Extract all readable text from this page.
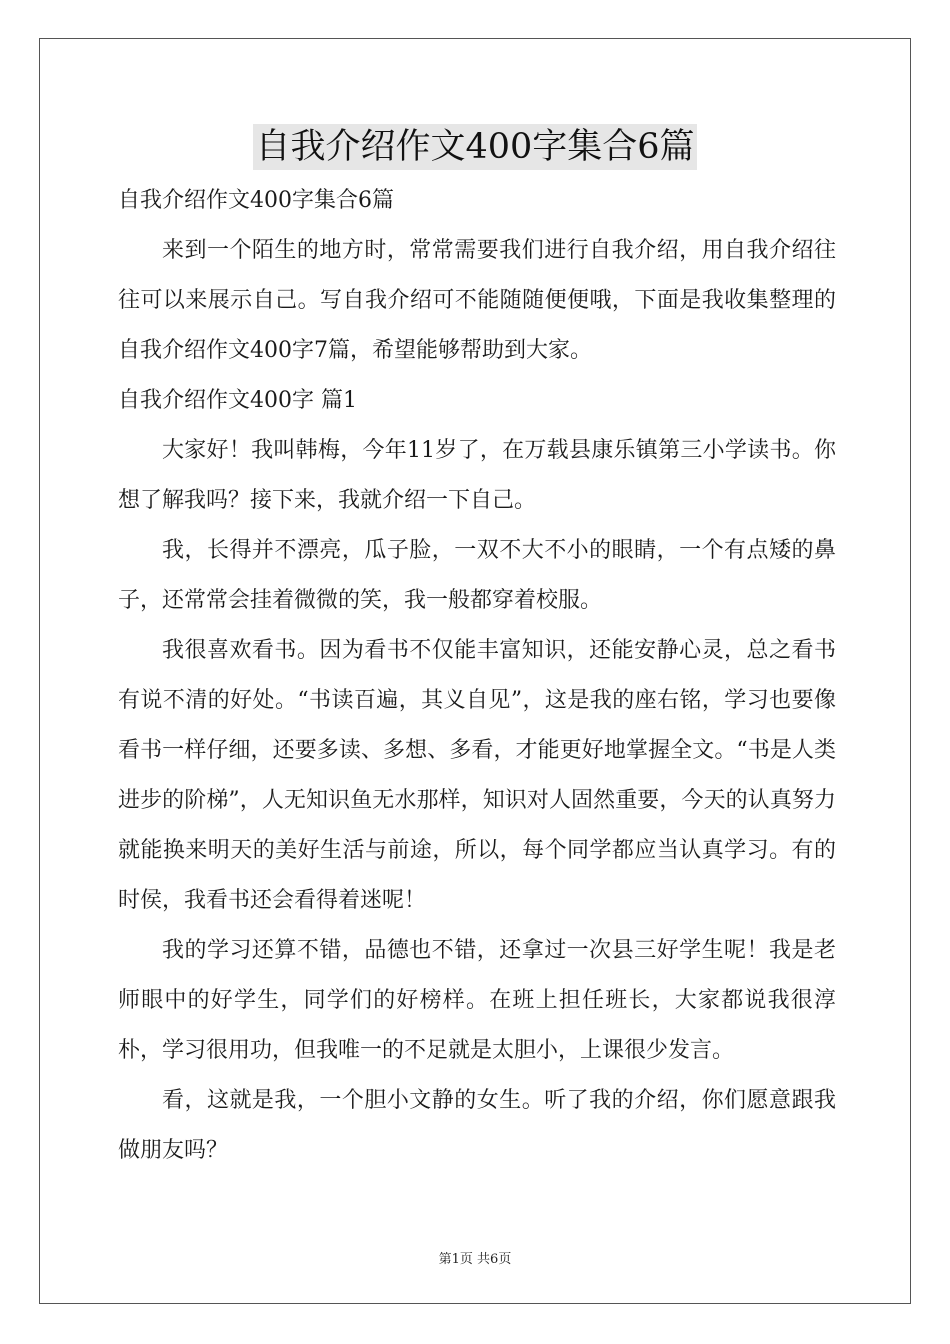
自我介绍作文400字集合6篇
自我介绍作文400字集合6篇

来到一个陌生的地方时，常常需要我们进行自我介绍，用自我介绍往往可以来展示自己。写自我介绍可不能随随便便哦，下面是我收集整理的自我介绍作文400字7篇，希望能够帮助到大家。

自我介绍作文400字 篇1

大家好！我叫韩梅，今年11岁了，在万载县康乐镇第三小学读书。你想了解我吗？接下来，我就介绍一下自己。

我，长得并不漂亮，瓜子脸，一双不大不小的眼睛，一个有点矮的鼻子，还常常会挂着微微的笑，我一般都穿着校服。

我很喜欢看书。因为看书不仅能丰富知识，还能安静心灵，总之看书有说不清的好处。“书读百遍，其义自见”，这是我的座右铭，学习也要像看书一样仔细，还要多读、多想、多看，才能更好地掌握全文。“书是人类进步的阶梯”，人无知识鱼无水那样，知识对人固然重要，今天的认真努力就能换来明天的美好生活与前途，所以，每个同学都应当认真学习。有的时侯，我看书还会看得着迷呢！

我的学习还算不错，品德也不错，还拿过一次县三好学生呢！我是老师眼中的好学生，同学们的好榜样。在班上担任班长，大家都说我很淳朴，学习很用功，但我唯一的不足就是太胆小，上课很少发言。

看，这就是我，一个胆小文静的女生。听了我的介绍，你们愿意跟我做朋友吗？

第1页 共6页
